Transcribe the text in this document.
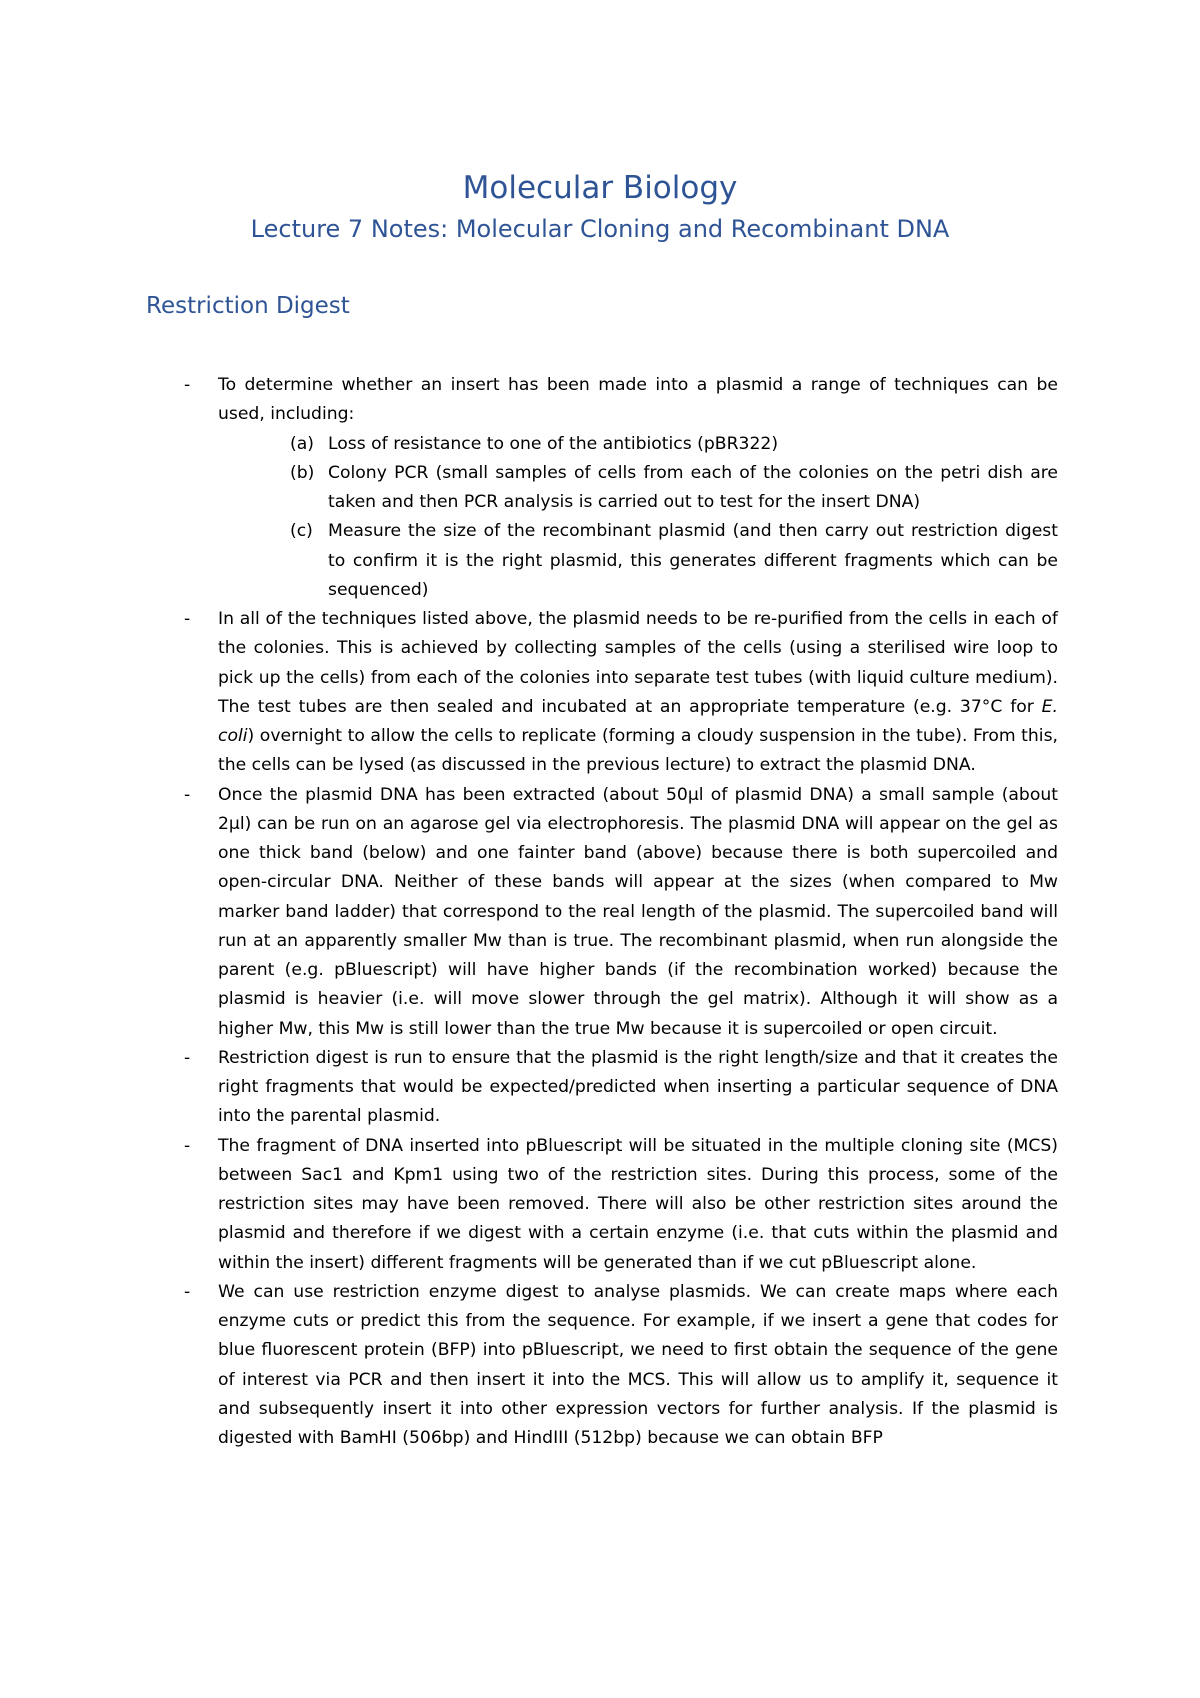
Molecular Biology
Lecture 7 Notes: Molecular Cloning and Recombinant DNA
Restriction Digest
- To determine whether an insert has been made into a plasmid a range of techniques can be used, including:
(a) Loss of resistance to one of the antibiotics (pBR322)
(b) Colony PCR (small samples of cells from each of the colonies on the petri dish are taken and then PCR analysis is carried out to test for the insert DNA)
(c) Measure the size of the recombinant plasmid (and then carry out restriction digest to confirm it is the right plasmid, this generates different fragments which can be sequenced)
- In all of the techniques listed above, the plasmid needs to be re-purified from the cells in each of the colonies. This is achieved by collecting samples of the cells (using a sterilised wire loop to pick up the cells) from each of the colonies into separate test tubes (with liquid culture medium). The test tubes are then sealed and incubated at an appropriate temperature (e.g. 37°C for E. coli) overnight to allow the cells to replicate (forming a cloudy suspension in the tube). From this, the cells can be lysed (as discussed in the previous lecture) to extract the plasmid DNA.
- Once the plasmid DNA has been extracted (about 50µl of plasmid DNA) a small sample (about 2µl) can be run on an agarose gel via electrophoresis. The plasmid DNA will appear on the gel as one thick band (below) and one fainter band (above) because there is both supercoiled and open-circular DNA. Neither of these bands will appear at the sizes (when compared to Mw marker band ladder) that correspond to the real length of the plasmid. The supercoiled band will run at an apparently smaller Mw than is true. The recombinant plasmid, when run alongside the parent (e.g. pBluescript) will have higher bands (if the recombination worked) because the plasmid is heavier (i.e. will move slower through the gel matrix). Although it will show as a higher Mw, this Mw is still lower than the true Mw because it is supercoiled or open circuit.
- Restriction digest is run to ensure that the plasmid is the right length/size and that it creates the right fragments that would be expected/predicted when inserting a particular sequence of DNA into the parental plasmid.
- The fragment of DNA inserted into pBluescript will be situated in the multiple cloning site (MCS) between Sac1 and Kpm1 using two of the restriction sites. During this process, some of the restriction sites may have been removed. There will also be other restriction sites around the plasmid and therefore if we digest with a certain enzyme (i.e. that cuts within the plasmid and within the insert) different fragments will be generated than if we cut pBluescript alone.
- We can use restriction enzyme digest to analyse plasmids. We can create maps where each enzyme cuts or predict this from the sequence. For example, if we insert a gene that codes for blue fluorescent protein (BFP) into pBluescript, we need to first obtain the sequence of the gene of interest via PCR and then insert it into the MCS. This will allow us to amplify it, sequence it and subsequently insert it into other expression vectors for further analysis. If the plasmid is digested with BamHI (506bp) and HindIII (512bp) because we can obtain BFP
